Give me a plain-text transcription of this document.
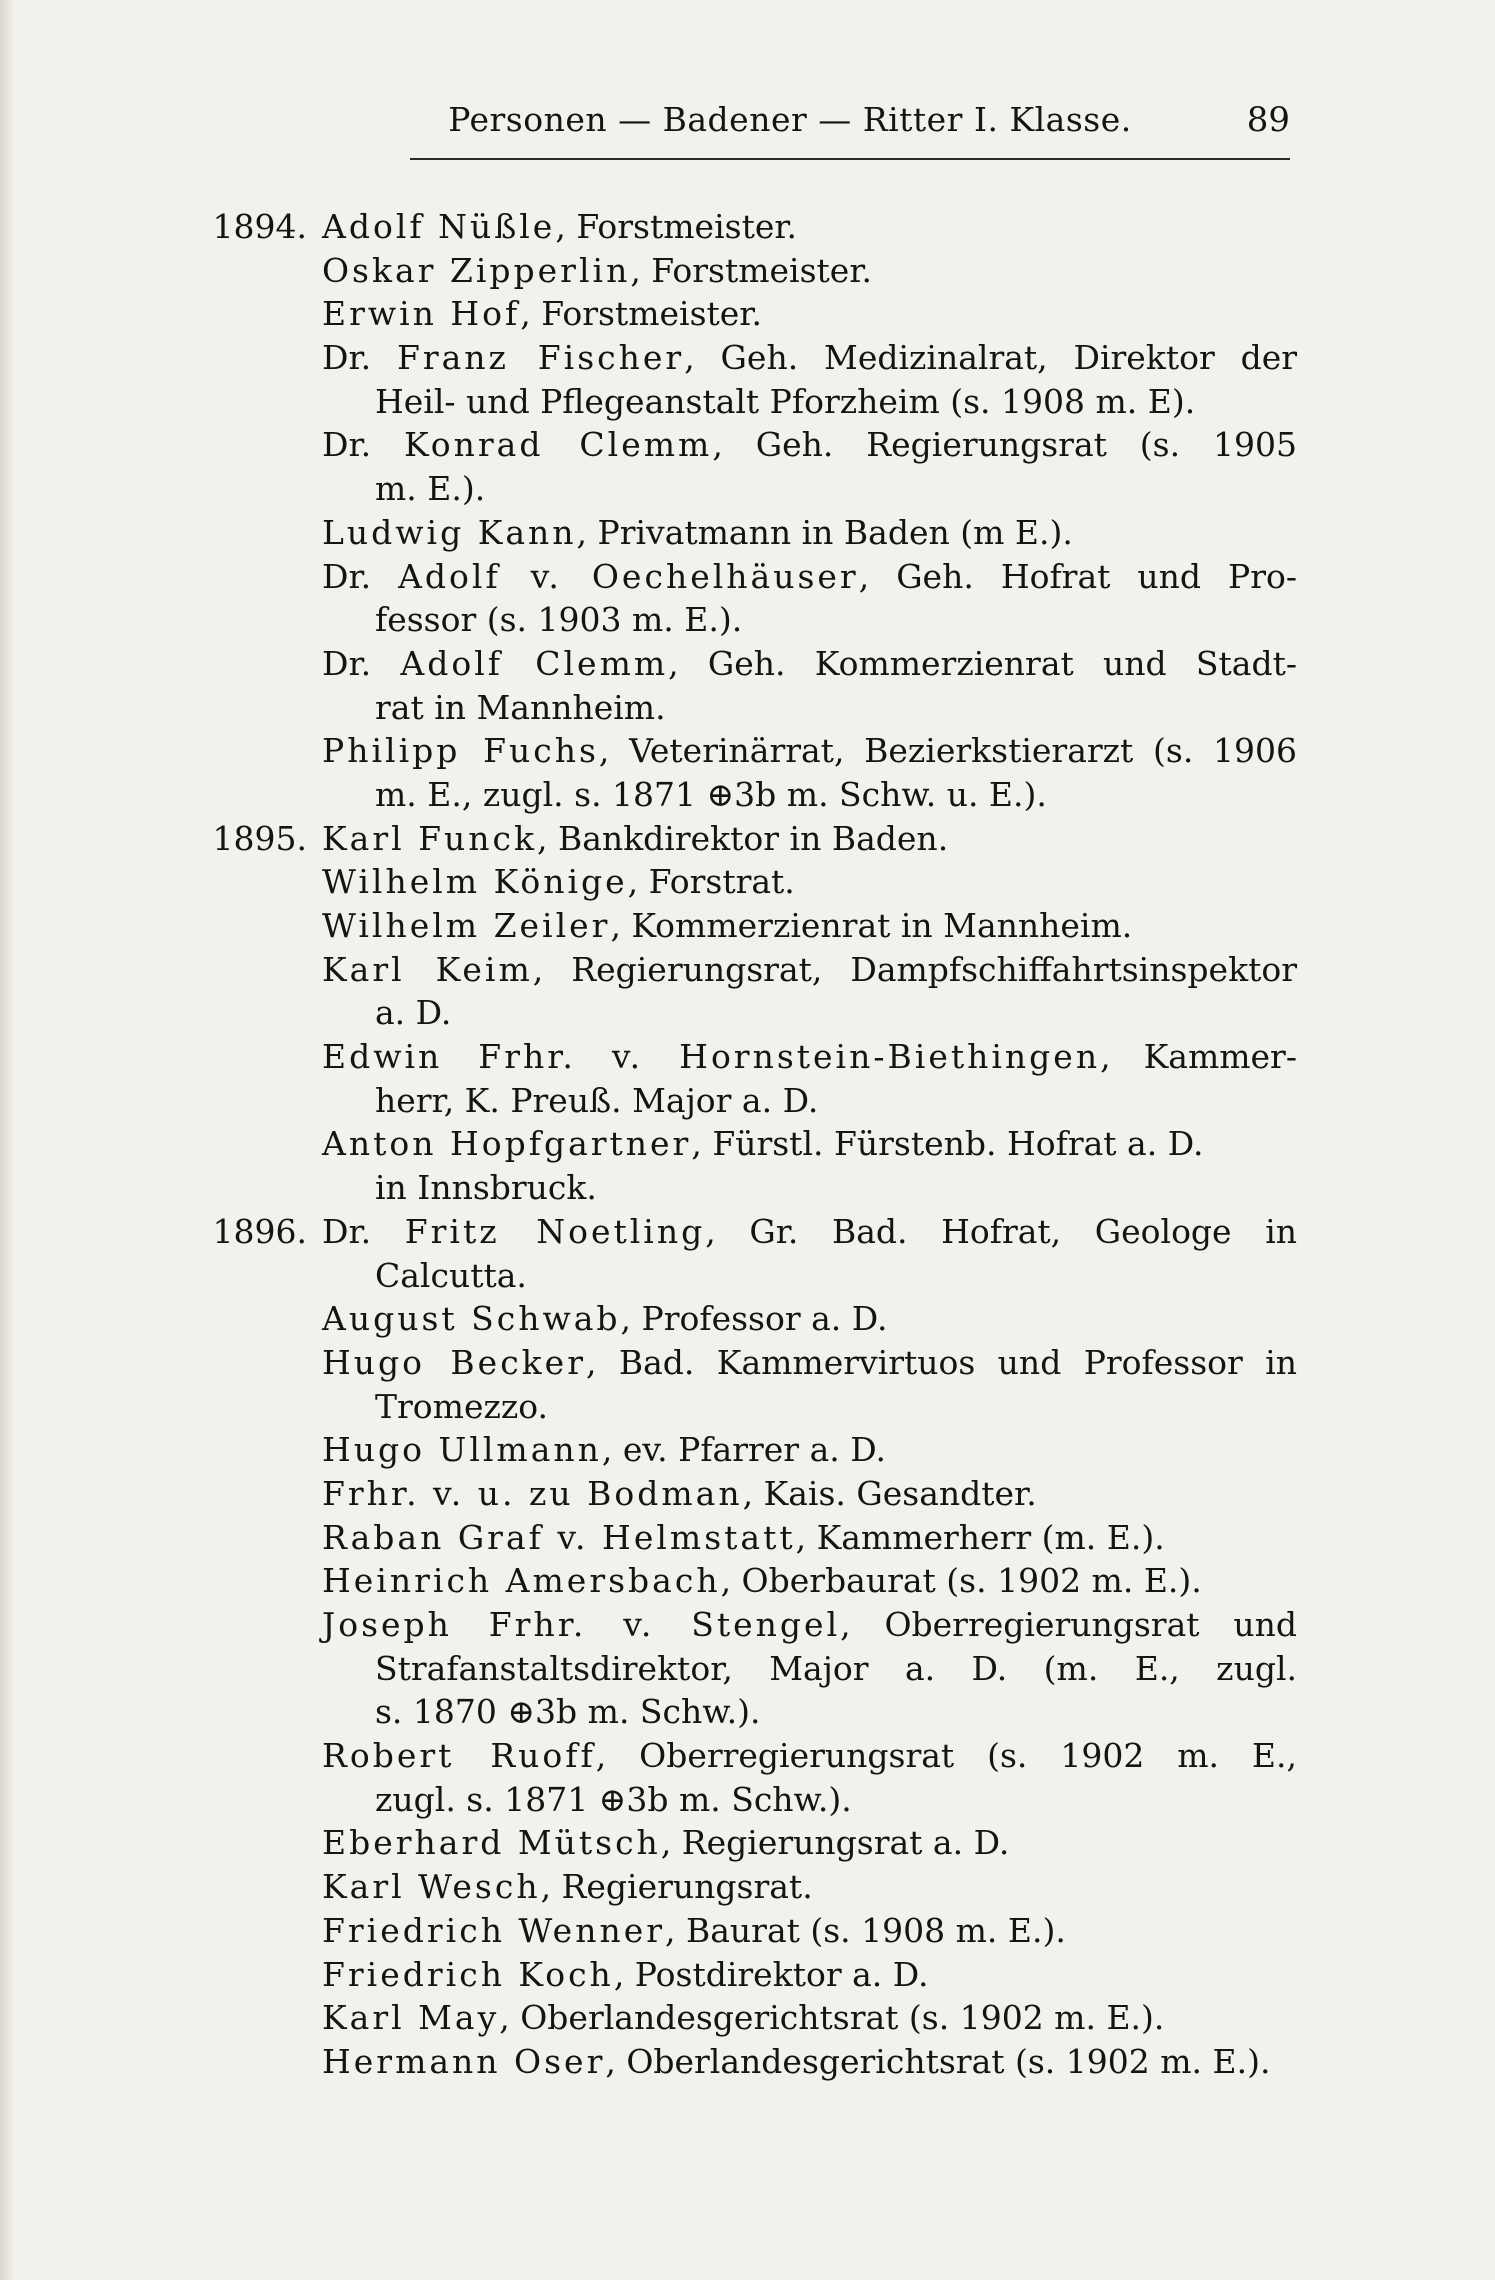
Personen — Badener — Ritter I. Klasse.	89
1894. Adolf Nüßle, Forstmeister.
Oskar Zipperlin, Forstmeister.
Erwin Hof, Forstmeister.
Dr. Franz Fischer, Geh. Medizinalrat, Direktor der
Heil- und Pflegeanstalt Pforzheim (s. 1908 m. E).
Dr. Konrad Clemm, Geh. Regierungsrat (s. 1905
m. E.).
Ludwig Kann, Privatmann in Baden (m E.).
Dr. Adolf v. Oechelhäuser, Geh. Hofrat und Pro-
fessor (s. 1903 m. E.).
Dr. Adolf Clemm, Geh. Kommerzienrat und Stadt-
rat in Mannheim.
Philipp Fuchs, Veterinärrat, Bezierkstierarzt (s. 1906
m. E., zugl. s. 1871 ⊕3b m. Schw. u. E.).
1895. Karl Funck, Bankdirektor in Baden.
Wilhelm Könige, Forstrat.
Wilhelm Zeiler, Kommerzienrat in Mannheim.
Karl Keim, Regierungsrat, Dampfschiffahrtsinspektor
a. D.
Edwin Frhr. v. Hornstein-Biethingen, Kammer-
herr, K. Preuß. Major a. D.
Anton Hopfgartner, Fürstl. Fürstenb. Hofrat a. D.
in Innsbruck.
1896. Dr. Fritz Noetling, Gr. Bad. Hofrat, Geologe in
Calcutta.
August Schwab, Professor a. D.
Hugo Becker, Bad. Kammervirtuos und Professor in
Tromezzo.
Hugo Ullmann, ev. Pfarrer a. D.
Frhr. v. u. zu Bodman, Kais. Gesandter.
Raban Graf v. Helmstatt, Kammerherr (m. E.).
Heinrich Amersbach, Oberbaurat (s. 1902 m. E.).
Joseph Frhr. v. Stengel, Oberregierungsrat und
Strafanstaltsdirektor, Major a. D. (m. E., zugl.
s. 1870 ⊕3b m. Schw.).
Robert Ruoff, Oberregierungsrat (s. 1902 m. E.,
zugl. s. 1871 ⊕3b m. Schw.).
Eberhard Mütsch, Regierungsrat a. D.
Karl Wesch, Regierungsrat.
Friedrich Wenner, Baurat (s. 1908 m. E.).
Friedrich Koch, Postdirektor a. D.
Karl May, Oberlandesgerichtsrat (s. 1902 m. E.).
Hermann Oser, Oberlandesgerichtsrat (s. 1902 m. E.).
